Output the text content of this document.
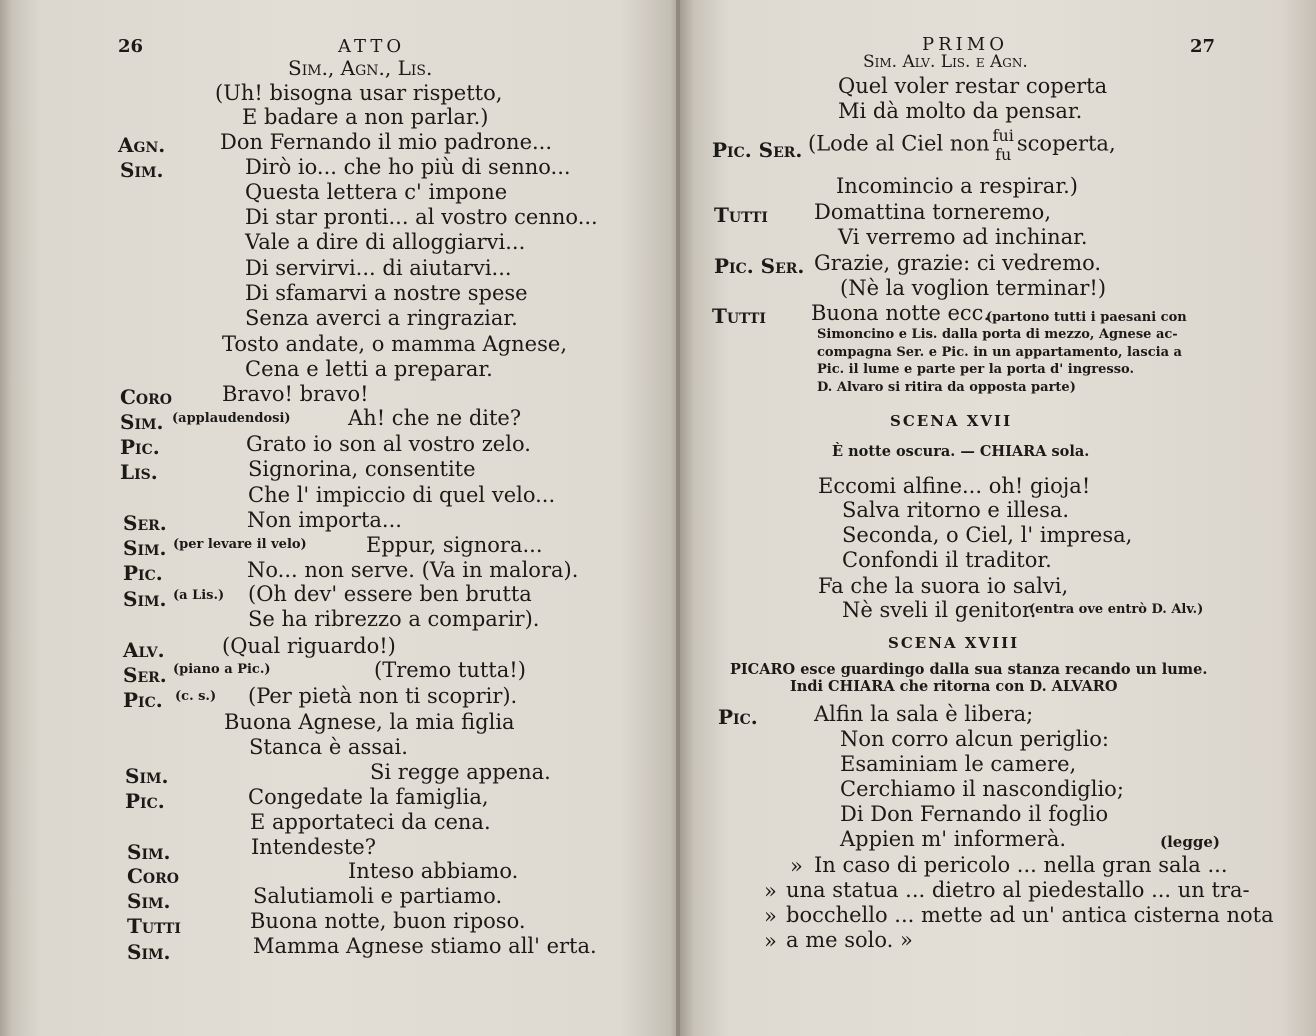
26	ATTO
Sim., Agn., Lis.
(Uh! bisogna usar rispetto,
E badare a non parlar.)
Agn.	Don Fernando il mio padrone...
Sim.	Dirò io... che ho più di senno...
Questa lettera c' impone
Di star pronti... al vostro cenno...
Vale a dire di alloggiarvi...
Di servirvi... di aiutarvi...
Di sfamarvi a nostre spese
Senza averci a ringraziar.
Tosto andate, o mamma Agnese,
Cena e letti a preparar.
Coro Bravo! bravo!
Sim. (applaudendosi)	Ah! che ne dite?
Pic.	Grato io son al vostro zelo.
Lis.	Signorina, consentite
Che l' impiccio di quel velo...
Ser.	Non importa...
Sim. (per levare il velo)	Eppur, signora...
Pic.	No... non serve. (Va in malora).
Sim. (a Lis.) (Oh dev' essere ben brutta
Se ha ribrezzo a comparir).
Alv.	(Qual riguardo!)
Ser. (piano a Pic.)	(Tremo tutta!)
Pic. (c. s.) (Per pietà non ti scoprir).
Buona Agnese, la mia figlia
Stanca è assai.
Sim.	Si regge appena.
Pic.	Congedate la famiglia,
E apportateci da cena.
Sim.	Intendeste?
Coro	Inteso abbiamo.
Sim.	Salutiamoli e partiamo.
Tutti	Buona notte, buon riposo.
Sim.	Mamma Agnese stiamo all' erta.
PRIMO	27
Sim. Alv. Lis. e Agn.
Quel voler restar coperta
Mi dà molto da pensar.
Pic. Ser. (Lode al Ciel non fui
fu scoperta,
Incomincio a respirar.)
Tutti Domattina torneremo,
Vi verremo ad inchinar.
Pic. Ser. Grazie, grazie: ci vedremo.
(Nè la voglion terminar!)
Tutti Buona notte ecc.
(partono tutti i paesani con
Simoncino e Lis. dalla porta di mezzo, Agnese ac-
compagna Ser. e Pic. in un appartamento, lascia a
Pic. il lume e parte per la porta d' ingresso.
D. Alvaro si ritira da opposta parte)
SCENA XVII
È notte oscura. — CHIARA sola.
Eccomi alfine... oh! gioja!
Salva ritorno e illesa.
Seconda, o Ciel, l' impresa,
Confondi il traditor.
Fa che la suora io salvi,
Nè sveli il genitor.
(entra ove entrò D. Alv.)
SCENA XVIII
PICARO esce guardingo dalla sua stanza recando un lume.
Indi CHIARA che ritorna con D. ALVARO
Pic.	Alfin la sala è libera;
Non corro alcun periglio:
Esaminiam le camere,
Cerchiamo il nascondiglio;
Di Don Fernando il foglio
Appien m' informerà.	(legge)
» In caso di pericolo ... nella gran sala ...
» una statua ... dietro al piedestallo ... un tra-
» bocchello ... mette ad un' antica cisterna nota
» a me solo. »
